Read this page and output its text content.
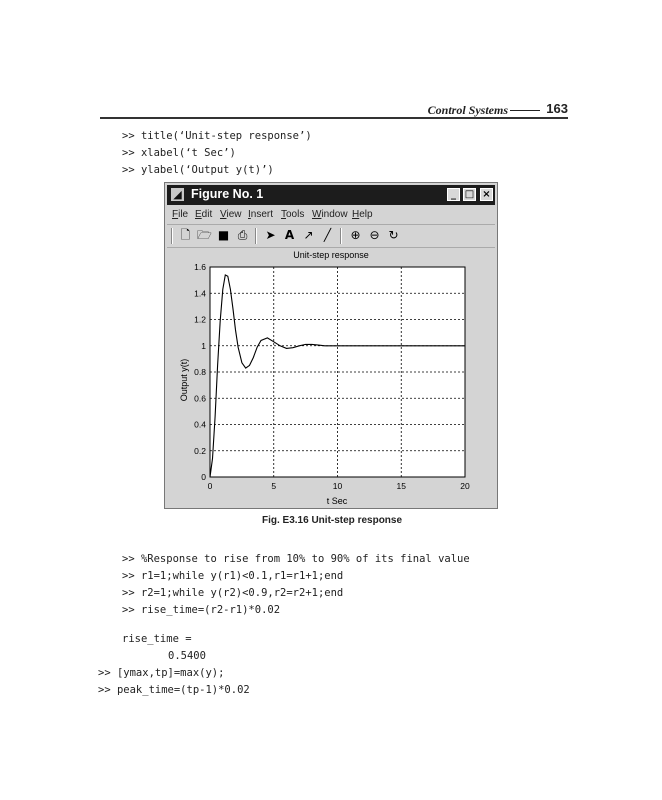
Control Systems	163
>> title(‘Unit-step response’)
>> xlabel(‘t Sec’)
>> ylabel(‘Output y(t)’)
◢ Figure No. 1	_ □ ×
File Edit View Insert Tools Window Help
🗋 🗁 ■ ⎙ ➤ A ↗ ╱	⊕ ⊖ ↻
0	5	10	15	20
0
0.2
0.4
0.6
0.8
1
1.2
1.4
1.6
Unit-step response
t Sec
Output y(t)
Fig. E3.16 Unit-step response
>> %Response to rise from 10% to 90% of its final value
>> r1=1;while y(r1)<0.1,r1=r1+1;end
>> r2=1;while y(r2)<0.9,r2=r2+1;end
>> rise_time=(r2-r1)*0.02
rise_time =
0.5400
>> [ymax,tp]=max(y);
>> peak_time=(tp-1)*0.02
